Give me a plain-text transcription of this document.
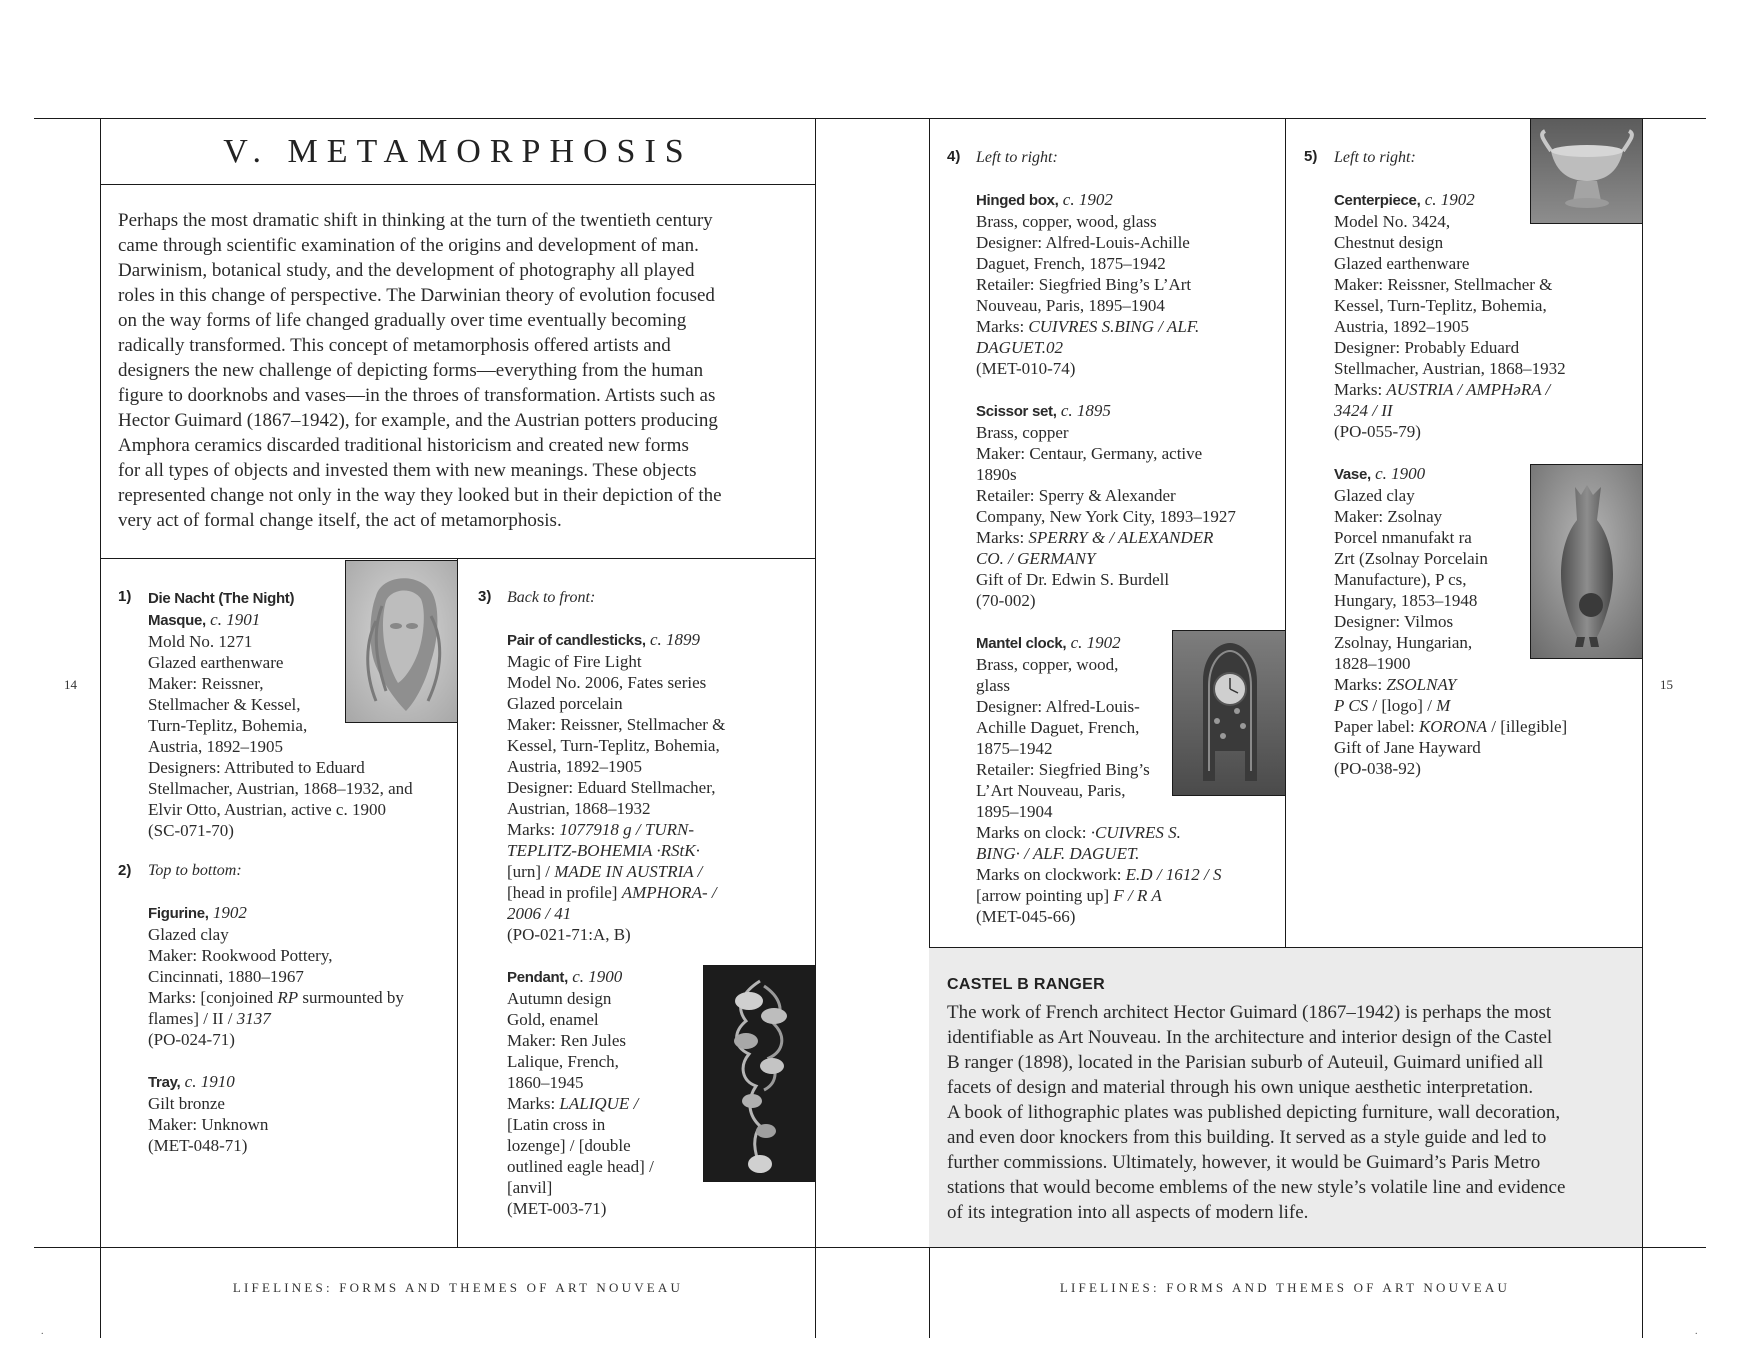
.	.
14	15
LIFELINES: FORMS AND THEMES OF ART NOUVEAU	LIFELINES: FORMS AND THEMES OF ART NOUVEAU
V. METAMORPHOSIS

Perhaps the most dramatic shift in thinking at the turn of the twentieth century

came through scientific examination of the origins and development of man.

Darwinism, botanical study, and the development of photography all played

roles in this change of perspective. The Darwinian theory of evolution focused

on the way forms of life changed gradually over time eventually becoming

radically transformed. This concept of metamorphosis offered artists and

designers the new challenge of depicting forms—everything from the human

figure to doorknobs and vases—in the throes of transformation. Artists such as

Hector Guimard (1867–1942), for example, and the Austrian potters producing

Amphora ceramics discarded traditional historicism and created new forms

for all types of objects and invested them with new meanings. These objects

represented change not only in the way they looked but in their depiction of the

very act of formal change itself, the act of metamorphosis.

1) Die Nacht (The Night)
Masque, c. 1901
Mold No. 1271
Glazed earthenware
Maker: Reissner,
Stellmacher & Kessel,
Turn-Teplitz, Bohemia,
Austria, 1892–1905
Designers: Attributed to Eduard
Stellmacher, Austrian, 1868–1932, and
Elvir Otto, Austrian, active c. 1900
(SC-071-70)
2) Top to bottom:
Figurine, 1902
Glazed clay
Maker: Rookwood Pottery,
Cincinnati, 1880–1967
Marks: [conjoined RP surmounted by
flames] / II / 3137
(PO-024-71)
Tray, c. 1910
Gilt bronze
Maker: Unknown
(MET-048-71)
3) Back to front:
Pair of candlesticks, c. 1899
Magic of Fire Light
Model No. 2006, Fates series
Glazed porcelain
Maker: Reissner, Stellmacher &
Kessel, Turn-Teplitz, Bohemia,
Austria, 1892–1905
Designer: Eduard Stellmacher,
Austrian, 1868–1932
Marks: 1077918 g / TURN-
TEPLITZ-BOHEMIA ·RStK·
[urn] / MADE IN AUSTRIA /
[head in profile] AMPHORA- /
2006 / 41
(PO-021-71:A, B)
Pendant, c. 1900
Autumn design
Gold, enamel
Maker: Ren Jules
Lalique, French,
1860–1945
Marks: LALIQUE /
[Latin cross in
lozenge] / [double
outlined eagle head] /
[anvil]
(MET-003-71)
4) Left to right:
Hinged box, c. 1902
Brass, copper, wood, glass
Designer: Alfred-Louis-Achille
Daguet, French, 1875–1942
Retailer: Siegfried Bing’s L’Art
Nouveau, Paris, 1895–1904
Marks: CUIVRES S.BING / ALF.
DAGUET.02
(MET-010-74)
Scissor set, c. 1895
Brass, copper
Maker: Centaur, Germany, active
1890s
Retailer: Sperry & Alexander
Company, New York City, 1893–1927
Marks: SPERRY & / ALEXANDER
CO. / GERMANY
Gift of Dr. Edwin S. Burdell
(70-002)
Mantel clock, c. 1902
Brass, copper, wood,
glass
Designer: Alfred-Louis-
Achille Daguet, French,
1875–1942
Retailer: Siegfried Bing’s
L’Art Nouveau, Paris,
1895–1904
Marks on clock: ·CUIVRES S.
BING· / ALF. DAGUET.
Marks on clockwork: E.D / 1612 / S
[arrow pointing up] F / R A
(MET-045-66)
5) Left to right:
Centerpiece, c. 1902
Model No. 3424,
Chestnut design
Glazed earthenware
Maker: Reissner, Stellmacher &
Kessel, Turn-Teplitz, Bohemia,
Austria, 1892–1905
Designer: Probably Eduard
Stellmacher, Austrian, 1868–1932
Marks: AUSTRIA / AMPHəRA /
3424 / II
(PO-055-79)
Vase, c. 1900
Glazed clay
Maker: Zsolnay
Porcel nmanufakt ra
Zrt (Zsolnay Porcelain
Manufacture), P cs,
Hungary, 1853–1948
Designer: Vilmos
Zsolnay, Hungarian,
1828–1900
Marks: ZSOLNAY
P CS / [logo] / M
Paper label: KORONA / [illegible]
Gift of Jane Hayward
(PO-038-92)
CASTEL B RANGER
The work of French architect Hector Guimard (1867–1942) is perhaps the most
identifiable as Art Nouveau. In the architecture and interior design of the Castel
B ranger (1898), located in the Parisian suburb of Auteuil, Guimard unified all
facets of design and material through his own unique aesthetic interpretation.
A book of lithographic plates was published depicting furniture, wall decoration,
and even door knockers from this building. It served as a style guide and led to
further commissions. Ultimately, however, it would be Guimard’s Paris Metro
stations that would become emblems of the new style’s volatile line and evidence
of its integration into all aspects of modern life.
